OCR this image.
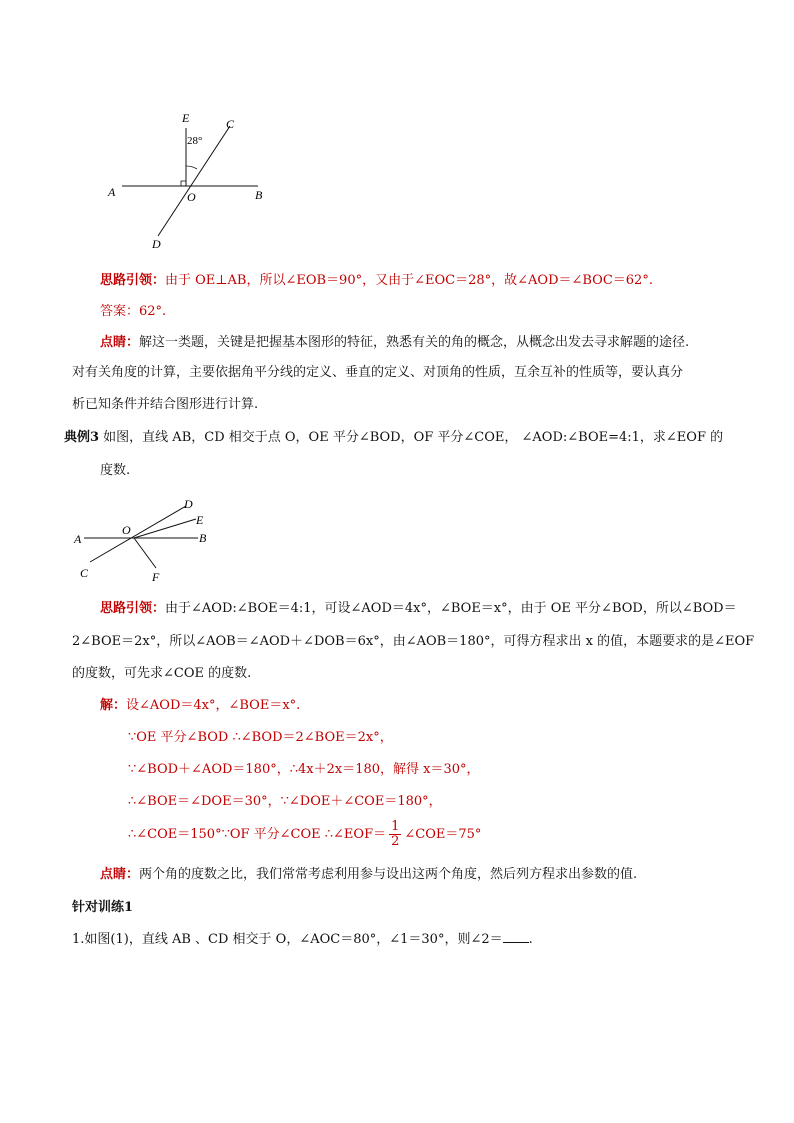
E	C
28°
A	O	B
D
思路引领：由于 OE⊥AB，所以∠EOB＝90°，又由于∠EOC＝28°，故∠AOD＝∠BOC＝62°.
答案：62°.
点睛：解这一类题，关键是把握基本图形的特征，熟悉有关的角的概念，从概念出发去寻求解题的途径.
对有关角度的计算，主要依据角平分线的定义、垂直的定义、对顶角的性质，互余互补的性质等，要认真分
析已知条件并结合图形进行计算.
典例3 如图，直线 AB，CD 相交于点 O，OE 平分∠BOD，OF 平分∠COE， ∠AOD:∠BOE=4:1，求∠EOF 的
度数.
D
E
O
A	B
C	F
思路引领：由于∠AOD:∠BOE＝4:1，可设∠AOD＝4x°，∠BOE＝x°，由于 OE 平分∠BOD，所以∠BOD＝
2∠BOE＝2x°，所以∠AOB＝∠AOD＋∠DOB＝6x°，由∠AOB＝180°，可得方程求出 x 的值，本题要求的是∠EOF
的度数，可先求∠COE 的度数.
解：设∠AOD＝4x°，∠BOE＝x°.
∵OE 平分∠BOD ∴∠BOD＝2∠BOE＝2x°，
∵∠BOD＋∠AOD＝180°，∴4x＋2x＝180，解得 x＝30°，
∴∠BOE＝∠DOE＝30°，∵∠DOE＋∠COE＝180°，
∴∠COE＝150°∵OF 平分∠COE ∴∠EOF＝ $\frac{1}{2}$ ∠COE＝75°
点睛：两个角的度数之比，我们常常考虑利用参与设出这两个角度，然后列方程求出参数的值.
针对训练1
1.如图(1)，直线 AB 、CD 相交于 O，∠AOC＝80°，∠1＝30°，则∠2＝ .
